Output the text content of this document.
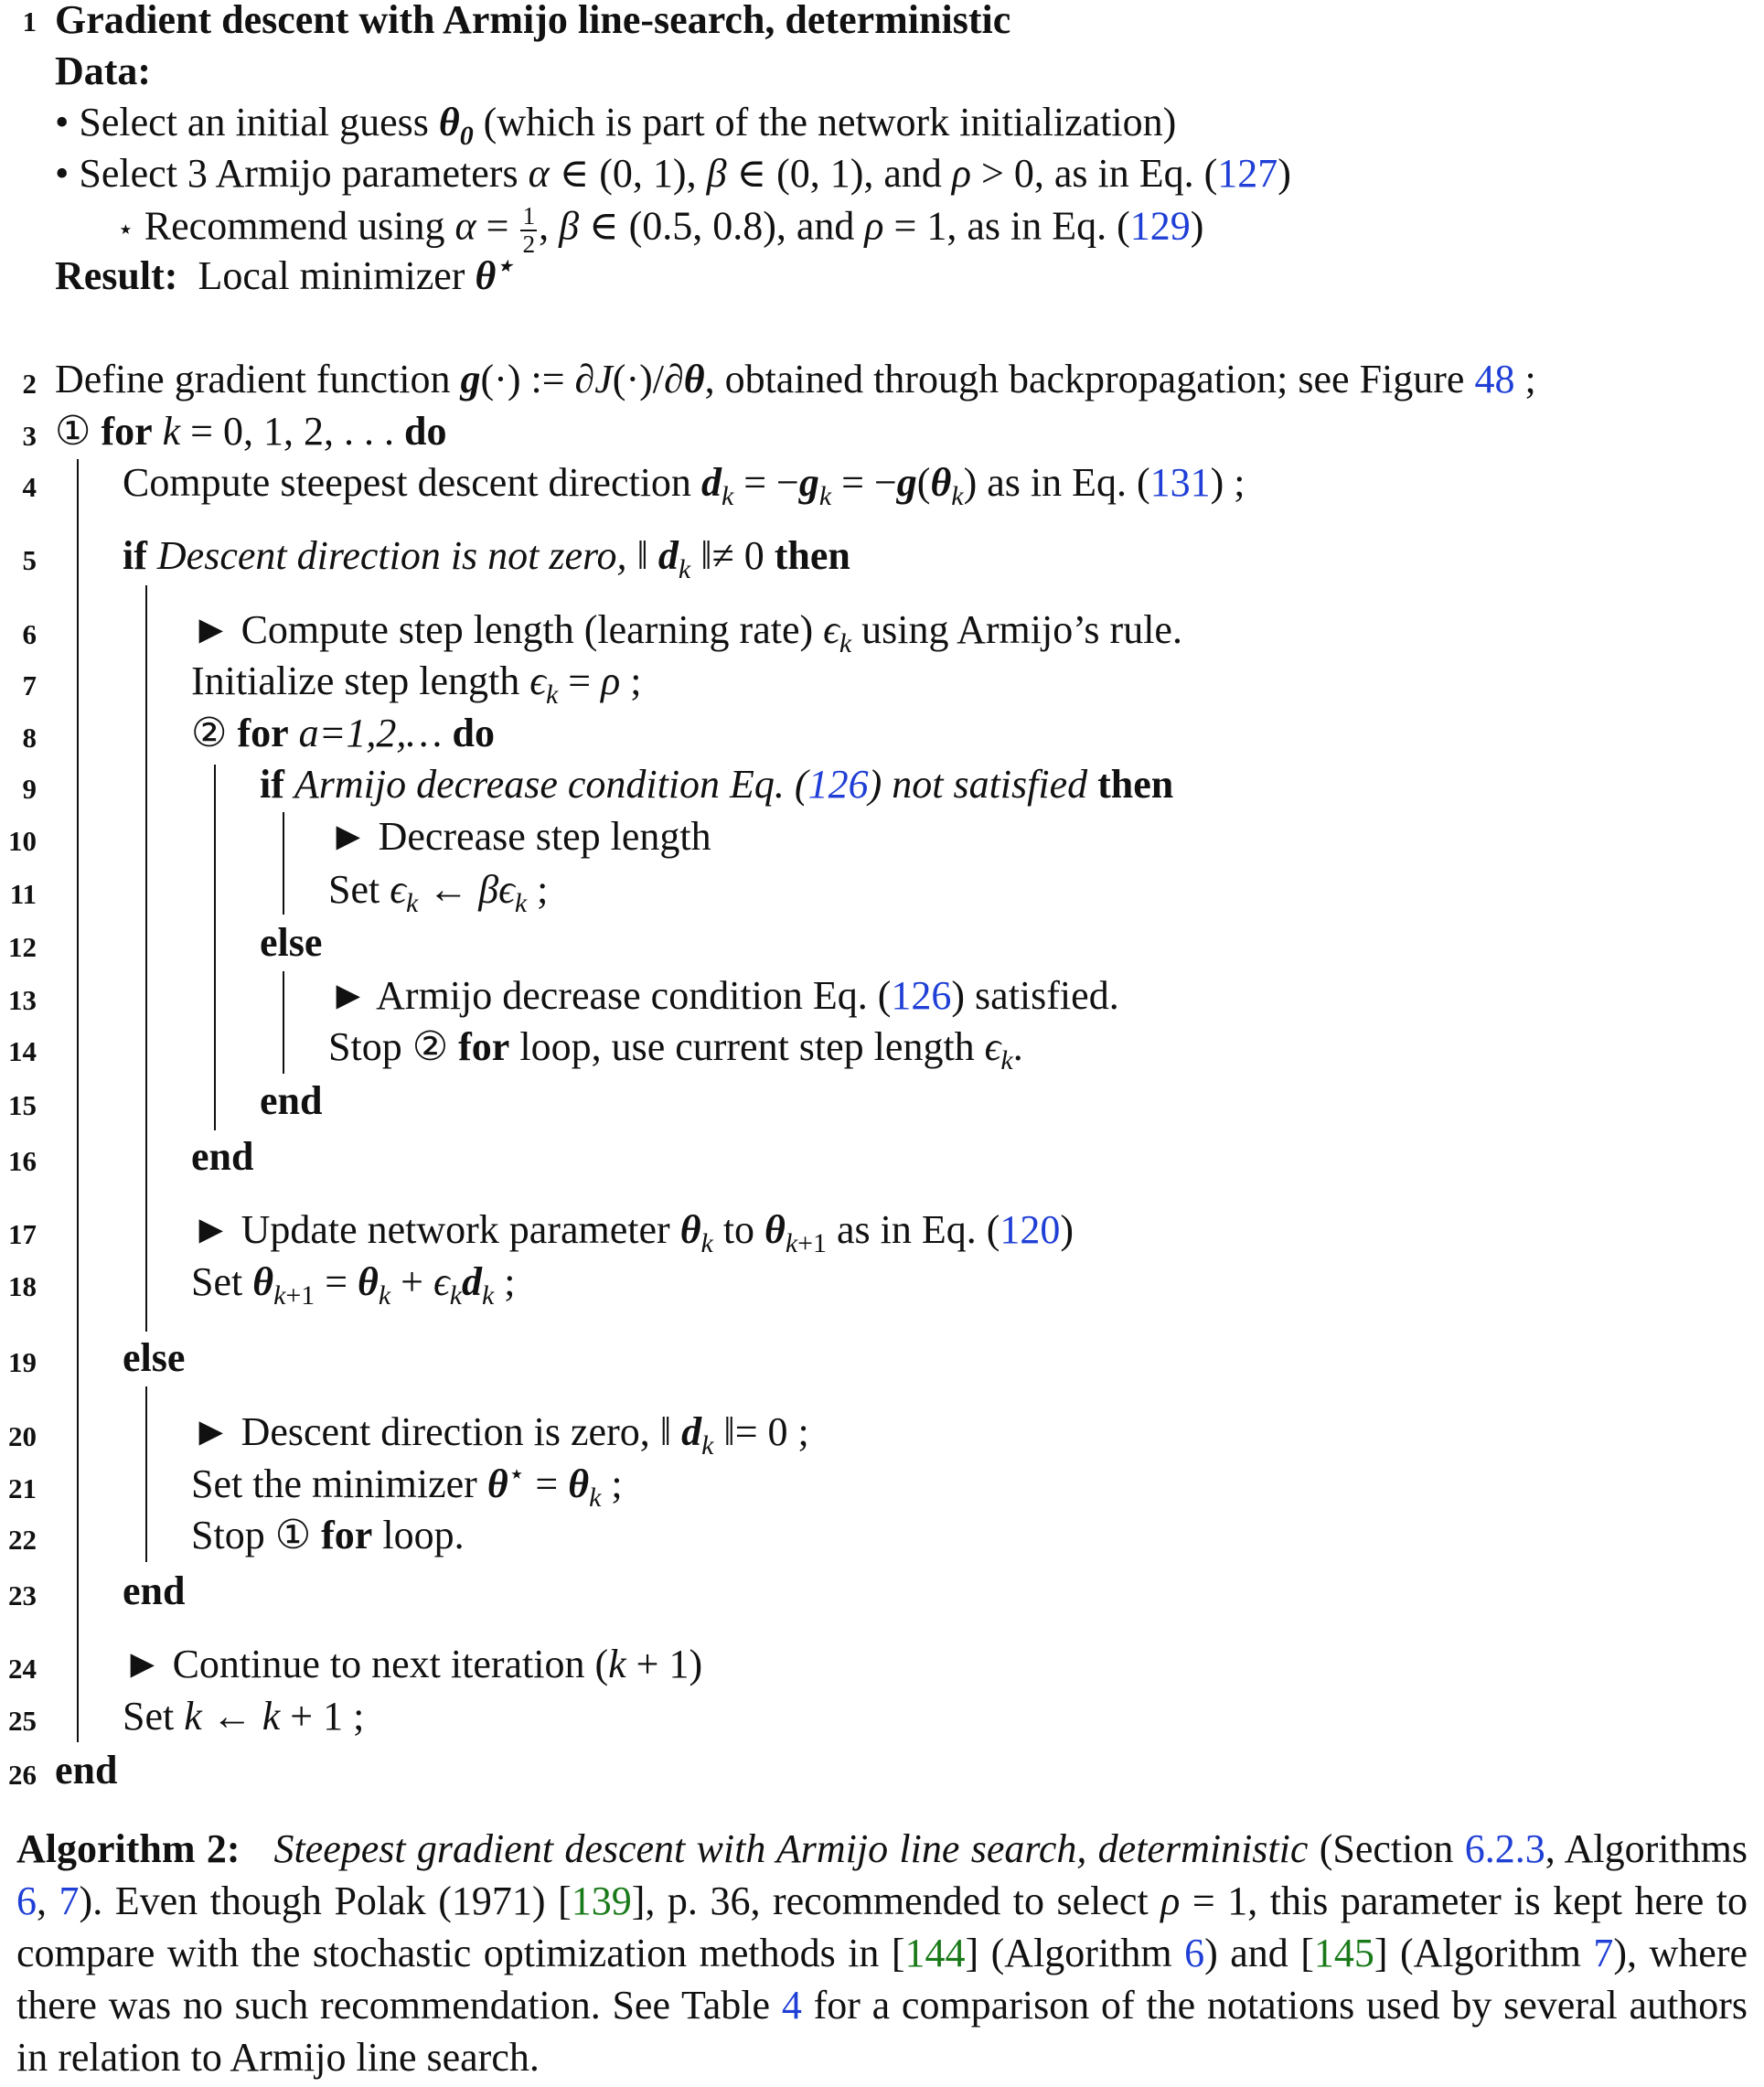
1
2
3
4
5
6
7
8
9
10
11
12
13
14
15
16
17
18
19
20
21
22
23
24
25
26
Gradient descent with Armijo line-search, deterministic
Data:
• Select an initial guess $\theta_0$ (which is part of the network initialization)
• Select 3 Armijo parameters α ∈ (0, 1), β ∈ (0, 1), and ρ > 0, as in Eq. (127)
⋆ Recommend using $\alpha = \frac{1}{2}$ , β ∈ (0.5, 0.8), and ρ = 1, as in Eq. (129)
Result: Local minimizer θ⋆
Define gradient function g(·) := ∂J(·)/∂θ, obtained through backpropagation; see Figure 48 ;
① for k = 0, 1, 2, . . . do
Compute steepest descent direction $d_k = -g_k = -g(\theta_k)$ as in Eq. (131) ;
if Descent direction is not zero, ‖ $d_k$ ‖≠ 0 then
► Compute step length (learning rate) $\epsilon_k$ using Armijo’s rule.
Initialize step length $\epsilon_k = \rho$ ;
② for a=1,2,… do
if Armijo decrease condition Eq. (126) not satisfied then
► Decrease step length
Set $\epsilon_k$ ← $\beta\epsilon_k$ ;
else
► Armijo decrease condition Eq. (126) satisfied.
Stop ② for loop, use current step length $\epsilon_k$.
end
end
► Update network parameter $\theta_k$ to $\theta_{k+1}$ as in Eq. (120)
Set $\theta_{k+1} = \theta_k + \epsilon_kd_k$ ;
else
► Descent direction is zero, ‖ $d_k$ ‖= 0 ;
Set the minimizer $\theta^⋆ = \theta_k$ ;
Stop ① for loop.
end
► Continue to next iteration (k + 1)
Set k ← k + 1 ;
end
Algorithm 2: Steepest gradient descent with Armijo line search, deterministic (Section 6.2.3, Algorithms 6, 7). Even though Polak (1971) [139], p. 36, recommended to select ρ = 1, this parameter is kept here to compare with the stochastic optimization methods in [144] (Algorithm 6) and [145] (Algorithm 7), where there was no such recommendation. See Table 4 for a comparison of the notations used by several authors in relation to Armijo line search.
